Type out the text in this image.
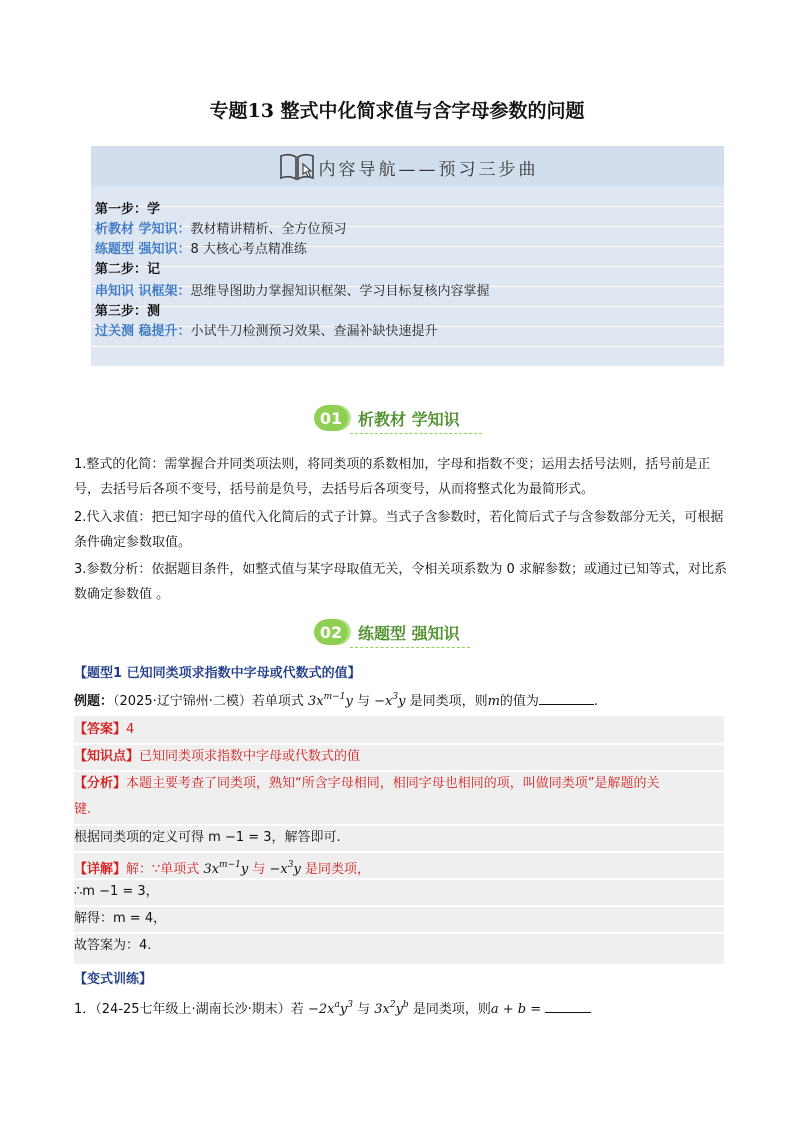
专题13 整式中化简求值与含字母参数的问题
内容导航——预习三步曲
第一步：学
析教材 学知识：教材精讲精析、全方位预习
练题型 强知识：8 大核心考点精准练
第二步：记
串知识 识框架：思维导图助力掌握知识框架、学习目标复核内容掌握
第三步：测
过关测 稳提升：小试牛刀检测预习效果、查漏补缺快速提升
01 析教材 学知识
1.整式的化简：需掌握合并同类项法则，将同类项的系数相加，字母和指数不变；运用去括号法则，括号前是正号，去括号后各项不变号，括号前是负号，去括号后各项变号，从而将整式化为最简形式。
2.代入求值：把已知字母的值代入化简后的式子计算。当式子含参数时，若化简后式子与含参数部分无关，可根据条件确定参数取值。
3.参数分析：依据题目条件，如整式值与某字母取值无关，令相关项系数为 0 求解参数；或通过已知等式，对比系数确定参数值 。
02 练题型 强知识
【题型1 已知同类项求指数中字母或代数式的值】
例题：（2025·辽宁锦州·二模）若单项式 $3x^{m-1}y$ 与 $-x^3y$ 是同类项，则m的值为	.
【答案】4
【知识点】已知同类项求指数中字母或代数式的值
【分析】本题主要考查了同类项，熟知“所含字母相同，相同字母也相同的项，叫做同类项”是解题的关
键.
根据同类项的定义可得 m −1 = 3，解答即可.
【详解】解：∵单项式 $3x^{m-1}y$ 与 $-x^3y$ 是同类项，
∴m −1 = 3，
解得：m = 4，
故答案为：4.
【变式训练】
1．（24-25七年级上·湖南长沙·期末）若 $-2x^ay^3$ 与 $3x^2y^b$ 是同类项，则a + b =
